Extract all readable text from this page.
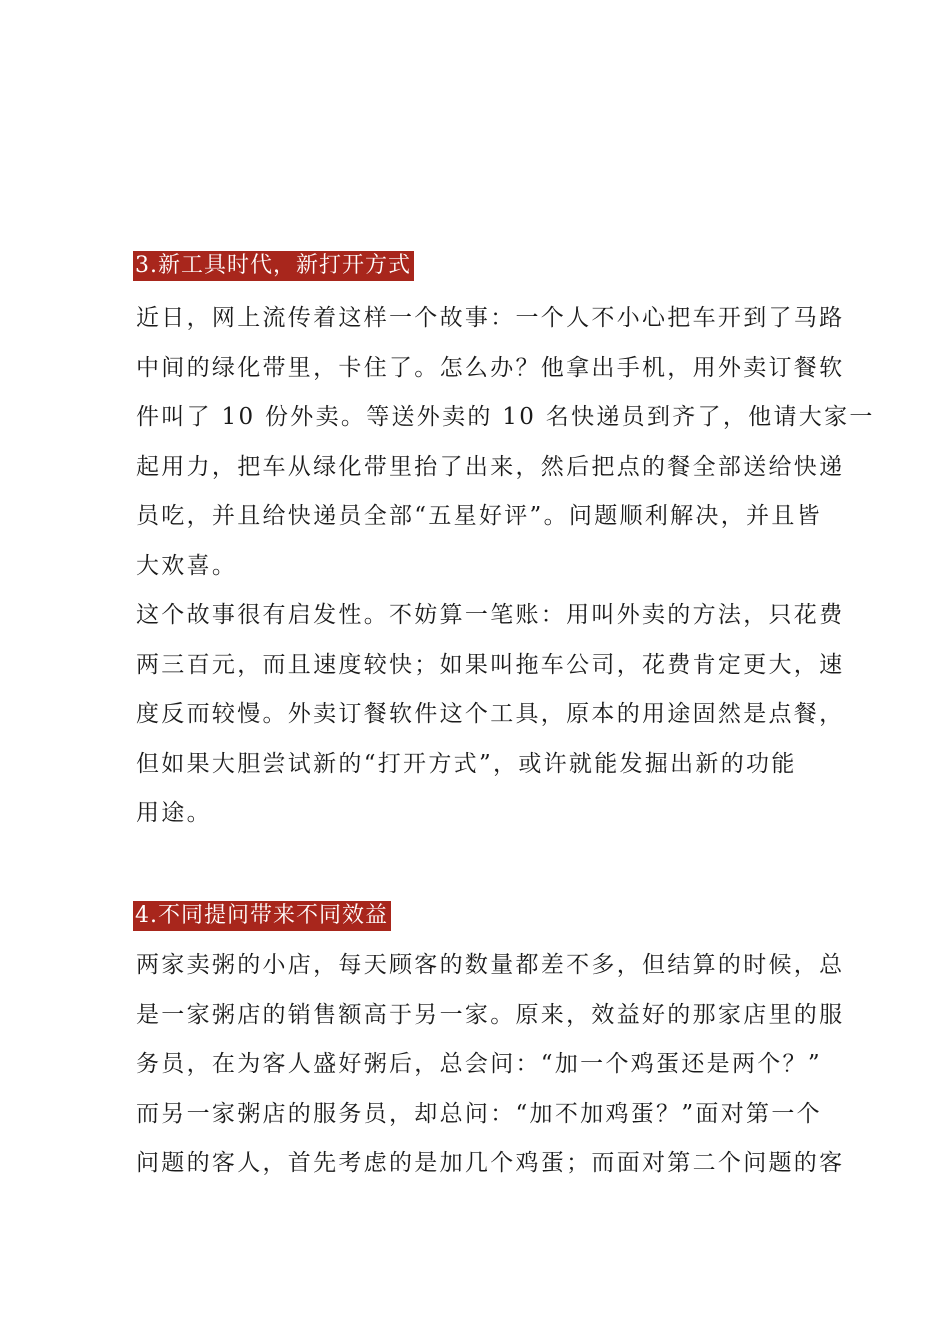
3.新工具时代，新打开方式
近日，网上流传着这样一个故事：一个人不小心把车开到了马路
中间的绿化带里，卡住了。怎么办？他拿出手机，用外卖订餐软
件叫了 10 份外卖。等送外卖的 10 名快递员到齐了，他请大家一
起用力，把车从绿化带里抬了出来，然后把点的餐全部送给快递
员吃，并且给快递员全部“五星好评”。问题顺利解决，并且皆
大欢喜。
这个故事很有启发性。不妨算一笔账：用叫外卖的方法，只花费
两三百元，而且速度较快；如果叫拖车公司，花费肯定更大，速
度反而较慢。外卖订餐软件这个工具，原本的用途固然是点餐，
但如果大胆尝试新的“打开方式”，或许就能发掘出新的功能
用途。
4.不同提问带来不同效益
两家卖粥的小店，每天顾客的数量都差不多，但结算的时候，总
是一家粥店的销售额高于另一家。原来，效益好的那家店里的服
务员，在为客人盛好粥后，总会问：“加一个鸡蛋还是两个？”
而另一家粥店的服务员，却总问：“加不加鸡蛋？”面对第一个
问题的客人，首先考虑的是加几个鸡蛋；而面对第二个问题的客
